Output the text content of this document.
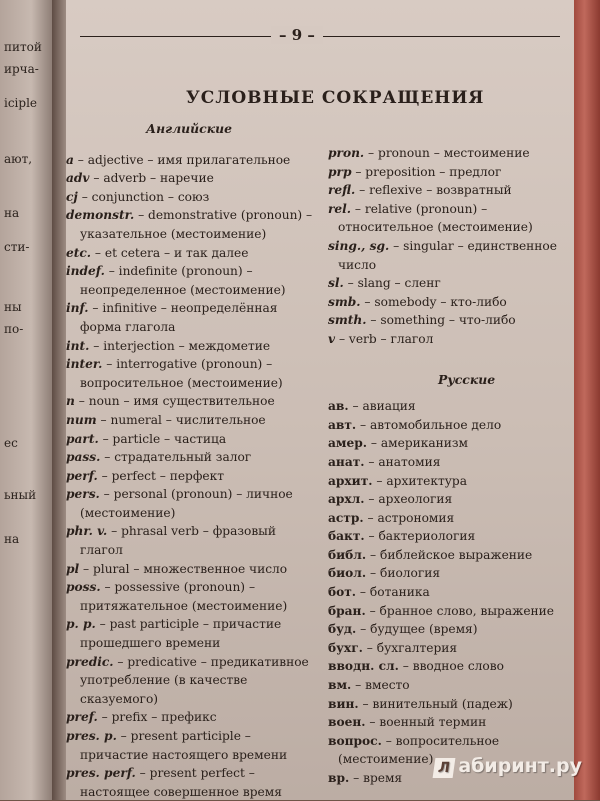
питой
ирча-
iciple
ают,
на
сти-
ны
по-
ес
ьный
на
– 9 –
УСЛОВНЫЕ СОКРАЩЕНИЯ
Английские
a – adjective – имя прилагательное
adv – adverb – наречие
cj – conjunction – союз
demonstr. – demonstrative (pronoun) – указательное (местоимение)
etc. – et cetera – и так далее
indef. – indefinite (pronoun) – неопределенное (местоимение)
inf. – infinitive – неопределённая форма глагола
int. – interjection – междометие
inter. – interrogative (pronoun) – вопросительное (местоимение)
n – noun – имя существительное
num – numeral – числительное
part. – particle – частица
pass. – страдательный залог
perf. – perfect – перфект
pers. – personal (pronoun) – личное (местоимение)
phr. v. – phrasal verb – фразовый глагол
pl – plural – множественное число
poss. – possessive (pronoun) – притяжательное (местоимение)
p. p. – past participle – причастие прошедшего времени
predic. – predicative – предикативное употребление (в качестве сказуемого)
pref. – prefix – префикс
pres. p. – present participle – причастие настоящего времени
pres. perf. – present perfect – настоящее совершенное время
pron. – pronoun – местоимение
prp – preposition – предлог
refl. – reflexive – возвратный
rel. – relative (pronoun) – относительное (местоимение)
sing., sg. – singular – единственное число
sl. – slang – сленг
smb. – somebody – кто-либо
smth. – something – что-либо
v – verb – глагол
Русские
ав. – авиация
авт. – автомобильное дело
амер. – американизм
анат. – анатомия
архит. – архитектура
архл. – археология
астр. – астрономия
бакт. – бактериология
библ. – библейское выражение
биол. – биология
бот. – ботаника
бран. – бранное слово, выражение
буд. – будущее (время)
бухг. – бухгалтерия
вводн. сл. – вводное слово
вм. – вместо
вин. – винительный (падеж)
воен. – военный термин
вопрос. – вопросительное (местоимение)
вр. – время
Л абиринт.ру
